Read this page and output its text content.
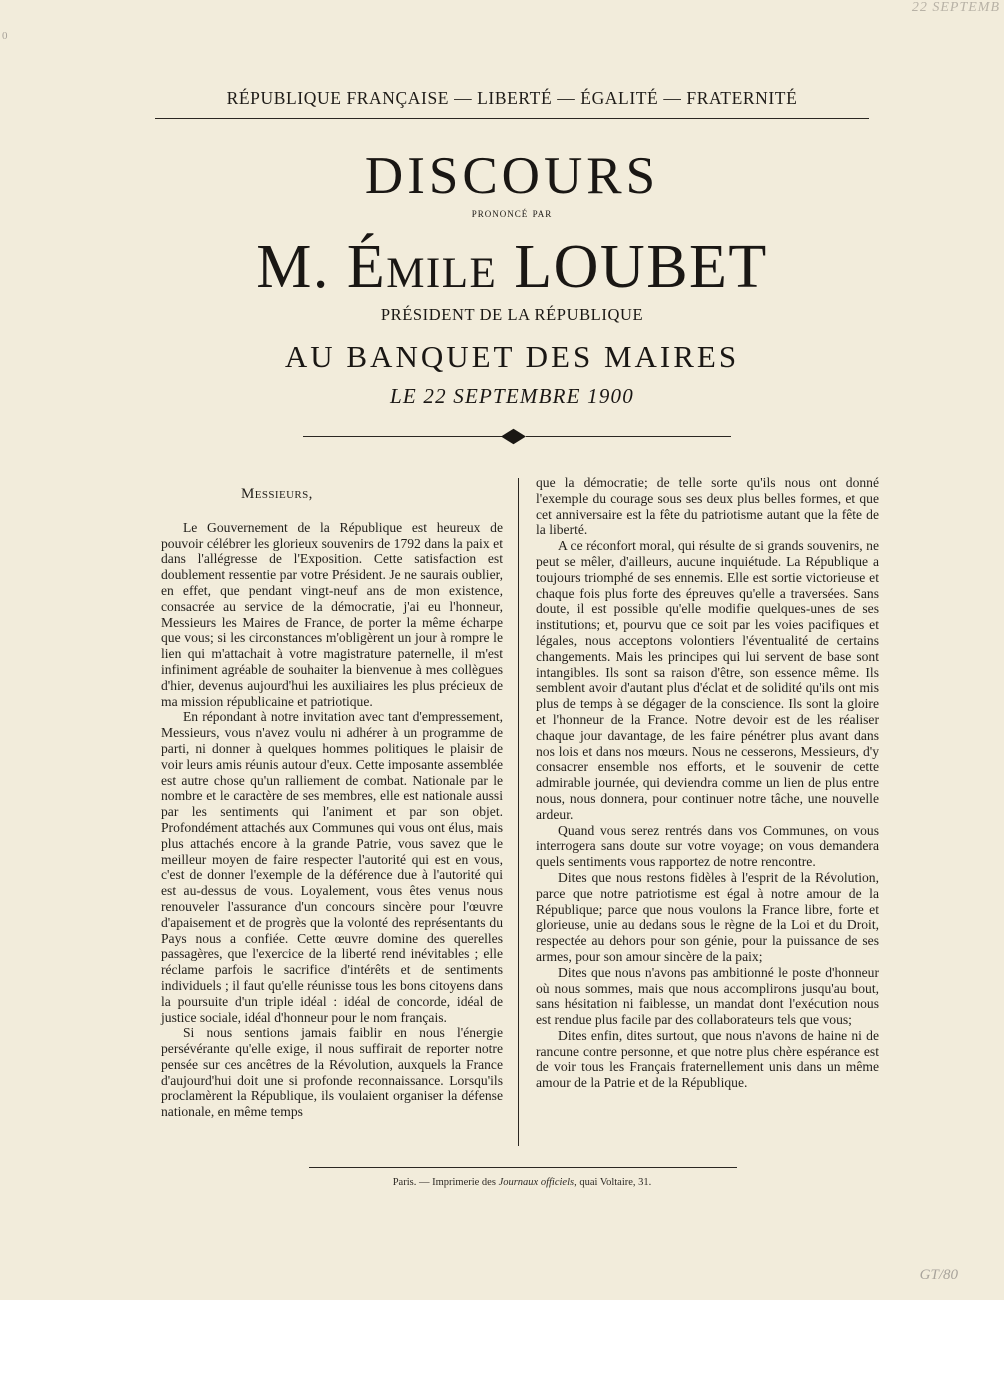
0
22 SEPTEMB
RÉPUBLIQUE FRANÇAISE — LIBERTÉ — ÉGALITÉ — FRATERNITÉ
DISCOURS
prononcé par
M. Émile LOUBET
PRÉSIDENT DE LA RÉPUBLIQUE
AU BANQUET DES MAIRES
LE 22 SEPTEMBRE 1900

Messieurs,

Le Gouvernement de la République est heureux de pouvoir célébrer les glorieux souvenirs de 1792 dans la paix et dans l'allégresse de l'Exposition. Cette satisfaction est doublement ressentie par votre Président. Je ne saurais oublier, en effet, que pendant vingt-neuf ans de mon existence, consacrée au service de la démocratie, j'ai eu l'honneur, Messieurs les Maires de France, de porter la même écharpe que vous; si les circonstances m'obligèrent un jour à rompre le lien qui m'attachait à votre magistrature paternelle, il m'est infiniment agréable de souhaiter la bienvenue à mes collègues d'hier, devenus aujourd'hui les auxiliaires les plus précieux de ma mission républicaine et patriotique.

En répondant à notre invitation avec tant d'empressement, Messieurs, vous n'avez voulu ni adhérer à un programme de parti, ni donner à quelques hommes politiques le plaisir de voir leurs amis réunis autour d'eux. Cette imposante assemblée est autre chose qu'un ralliement de combat. Nationale par le nombre et le caractère de ses membres, elle est nationale aussi par les sentiments qui l'animent et par son objet. Profondément attachés aux Communes qui vous ont élus, mais plus attachés encore à la grande Patrie, vous savez que le meilleur moyen de faire respecter l'autorité qui est en vous, c'est de donner l'exemple de la déférence due à l'autorité qui est au-dessus de vous. Loyalement, vous êtes venus nous renouveler l'assurance d'un concours sincère pour l'œuvre d'apaisement et de progrès que la volonté des représentants du Pays nous a confiée. Cette œuvre domine des querelles passagères, que l'exercice de la liberté rend inévitables ; elle réclame parfois le sacrifice d'intérêts et de sentiments individuels ; il faut qu'elle réunisse tous les bons citoyens dans la poursuite d'un triple idéal : idéal de concorde, idéal de justice sociale, idéal d'honneur pour le nom français.

Si nous sentions jamais faiblir en nous l'énergie persévérante qu'elle exige, il nous suffirait de reporter notre pensée sur ces ancêtres de la Révolution, auxquels la France d'aujourd'hui doit une si profonde reconnaissance. Lorsqu'ils proclamèrent la République, ils voulaient organiser la défense nationale, en même temps

que la démocratie; de telle sorte qu'ils nous ont donné l'exemple du courage sous ses deux plus belles formes, et que cet anniversaire est la fête du patriotisme autant que la fête de la liberté.

A ce réconfort moral, qui résulte de si grands souvenirs, ne peut se mêler, d'ailleurs, aucune inquiétude. La République a toujours triomphé de ses ennemis. Elle est sortie victorieuse et chaque fois plus forte des épreuves qu'elle a traversées. Sans doute, il est possible qu'elle modifie quelques-unes de ses institutions; et, pourvu que ce soit par les voies pacifiques et légales, nous acceptons volontiers l'éventualité de certains changements. Mais les principes qui lui servent de base sont intangibles. Ils sont sa raison d'être, son essence même. Ils semblent avoir d'autant plus d'éclat et de solidité qu'ils ont mis plus de temps à se dégager de la conscience. Ils sont la gloire et l'honneur de la France. Notre devoir est de les réaliser chaque jour davantage, de les faire pénétrer plus avant dans nos lois et dans nos mœurs. Nous ne cesserons, Messieurs, d'y consacrer ensemble nos efforts, et le souvenir de cette admirable journée, qui deviendra comme un lien de plus entre nous, nous donnera, pour continuer notre tâche, une nouvelle ardeur.

Quand vous serez rentrés dans vos Communes, on vous interrogera sans doute sur votre voyage; on vous demandera quels sentiments vous rapportez de notre rencontre.

Dites que nous restons fidèles à l'esprit de la Révolution, parce que notre patriotisme est égal à notre amour de la République; parce que nous voulons la France libre, forte et glorieuse, unie au dedans sous le règne de la Loi et du Droit, respectée au dehors pour son génie, pour la puissance de ses armes, pour son amour sincère de la paix;

Dites que nous n'avons pas ambitionné le poste d'honneur où nous sommes, mais que nous accomplirons jusqu'au bout, sans hésitation ni faiblesse, un mandat dont l'exécution nous est rendue plus facile par des collaborateurs tels que vous;

Dites enfin, dites surtout, que nous n'avons de haine ni de rancune contre personne, et que notre plus chère espérance est de voir tous les Français fraternellement unis dans un même amour de la Patrie et de la République.

Paris. — Imprimerie des Journaux officiels, quai Voltaire, 31.
GT/80
